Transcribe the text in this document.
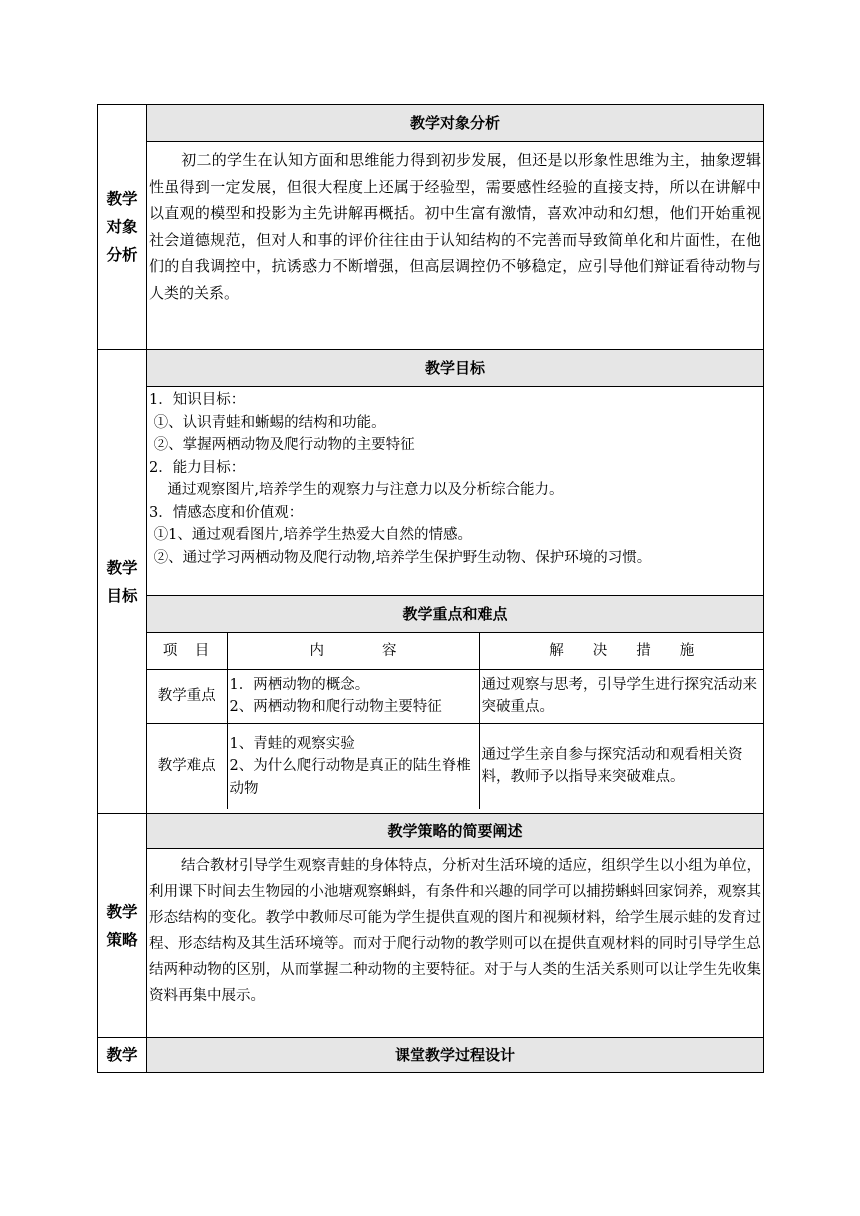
教学
对象
分析	教学对象分析

初二的学生在认知方面和思维能力得到初步发展，但还是以形象性思维为主，抽象逻辑性虽得到一定发展，但很大程度上还属于经验型，需要感性经验的直接支持，所以在讲解中以直观的模型和投影为主先讲解再概括。初中生富有激情，喜欢冲动和幻想，他们开始重视社会道德规范，但对人和事的评价往往由于认知结构的不完善而导致简单化和片面性，在他们的自我调控中，抗诱惑力不断增强，但高层调控仍不够稳定，应引导他们辩证看待动物与人类的关系。

教学
目标	教学目标

1．知识目标：
①、认识青蛙和蜥蜴的结构和功能。
②、掌握两栖动物及爬行动物的主要特征
2．能力目标：
通过观察图片,培养学生的观察力与注意力以及分析综合能力。
3．情感态度和价值观：
①1、通过观看图片,培养学生热爱大自然的情感。
②、通过学习两栖动物及爬行动物,培养学生保护野生动物、保护环境的习惯。

教学重点和难点

项　目	内　　　　容	解　　决　　措　　施
教学重点	1．两栖动物的概念。
2、两栖动物和爬行动物主要特征	通过观察与思考，引导学生进行探究活动来突破重点。
教学难点	1、青蛙的观察实验
2、为什么爬行动物是真正的陆生脊椎动物	通过学生亲自参与探究活动和观看相关资料，教师予以指导来突破难点。

教学
策略	教学策略的简要阐述

结合教材引导学生观察青蛙的身体特点，分析对生活环境的适应，组织学生以小组为单位，利用课下时间去生物园的小池塘观察蝌蚪，有条件和兴趣的同学可以捕捞蝌蚪回家饲养，观察其形态结构的变化。教学中教师尽可能为学生提供直观的图片和视频材料，给学生展示蛙的发育过程、形态结构及其生活环境等。而对于爬行动物的教学则可以在提供直观材料的同时引导学生总结两种动物的区别，从而掌握二种动物的主要特征。对于与人类的生活关系则可以让学生先收集资料再集中展示。

教学	课堂教学过程设计
